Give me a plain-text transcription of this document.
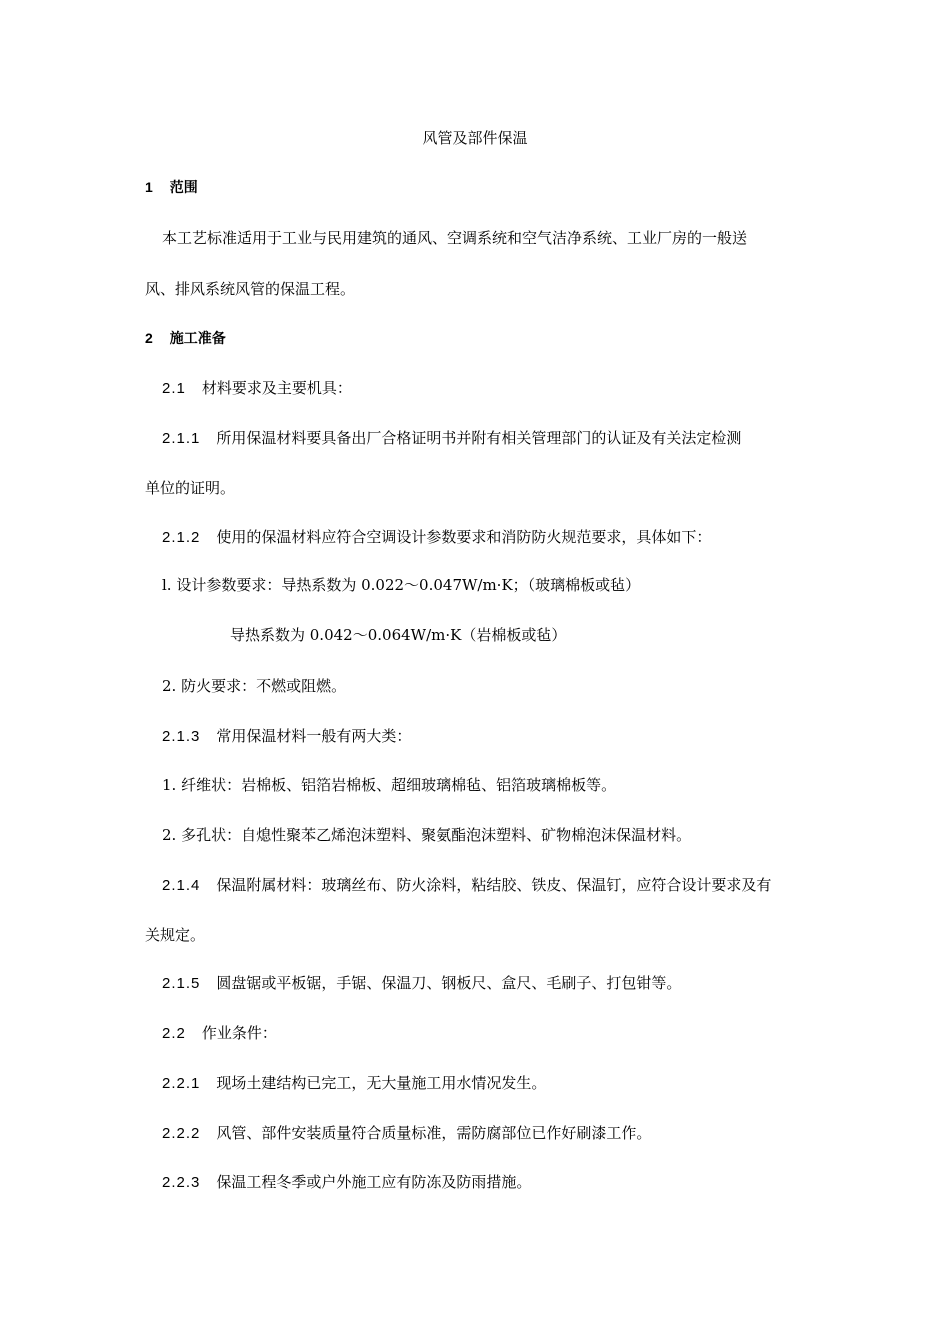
风管及部件保温
1 范围
本工艺标准适用于工业与民用建筑的通风、空调系统和空气洁净系统、工业厂房的一般送
风、排风系统风管的保温工程。
2 施工准备
2.1 材料要求及主要机具：
2.1.1 所用保温材料要具备出厂合格证明书并附有相关管理部门的认证及有关法定检测
单位的证明。
2.1.2 使用的保温材料应符合空调设计参数要求和消防防火规范要求，具体如下：
l. 设计参数要求：导热系数为 0.022～0.047W/m·K；（玻璃棉板或毡）
导热系数为 0.042～0.064W/m·K（岩棉板或毡）
2. 防火要求：不燃或阻燃。
2.1.3 常用保温材料一般有两大类：
1. 纤维状：岩棉板、铝箔岩棉板、超细玻璃棉毡、铝箔玻璃棉板等。
2. 多孔状：自熄性聚苯乙烯泡沫塑料、聚氨酯泡沫塑料、矿物棉泡沫保温材料。
2.1.4 保温附属材料：玻璃丝布、防火涂料，粘结胶、铁皮、保温钉，应符合设计要求及有
关规定。
2.1.5 圆盘锯或平板锯，手锯、保温刀、钢板尺、盒尺、毛刷子、打包钳等。
2.2 作业条件：
2.2.1 现场土建结构已完工，无大量施工用水情况发生。
2.2.2 风管、部件安装质量符合质量标准，需防腐部位已作好刷漆工作。
2.2.3 保温工程冬季或户外施工应有防冻及防雨措施。
